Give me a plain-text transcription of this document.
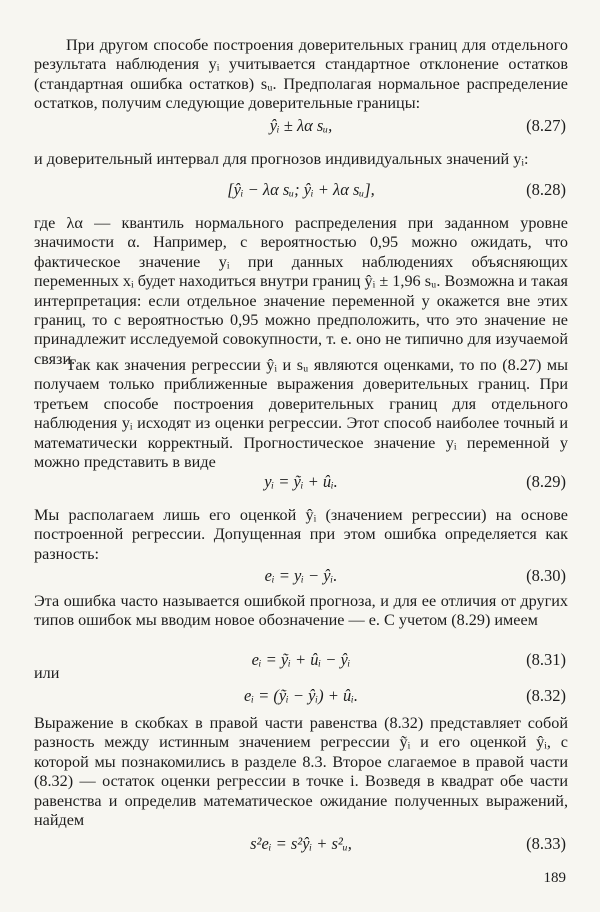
При другом способе построения доверительных границ для отдельного результата наблюдения yᵢ учитывается стандартное отклонение остатков (стандартная ошибка остатков) sᵤ. Предполагая нормальное распределение остатков, получим следующие доверительные границы:

ŷᵢ ± λα sᵤ,	(8.27)

и доверительный интервал для прогнозов индивидуальных значений yᵢ:

[ŷᵢ − λα sᵤ; ŷᵢ + λα sᵤ],	(8.28)

где λα — квантиль нормального распределения при заданном уровне значимости α. Например, с вероятностью 0,95 можно ожидать, что фактическое значение yᵢ при данных наблюдениях объясняющих переменных xᵢ будет находиться внутри границ ŷᵢ ± 1,96 sᵤ. Возможна и такая интерпретация: если отдельное значение переменной y окажется вне этих границ, то с вероятностью 0,95 можно предположить, что это значение не принадлежит исследуемой совокупности, т. е. оно не типично для изучаемой связи.

Так как значения регрессии ŷᵢ и sᵤ являются оценками, то по (8.27) мы получаем только приближенные выражения доверительных границ. При третьем способе построения доверительных границ для отдельного наблюдения yᵢ исходят из оценки регрессии. Этот способ наиболее точный и математически корректный. Прогностическое значение yᵢ переменной y можно представить в виде

yᵢ = ỹᵢ + ûᵢ.	(8.29)

Мы располагаем лишь его оценкой ŷᵢ (значением регрессии) на основе построенной регрессии. Допущенная при этом ошибка определяется как разность:

eᵢ = yᵢ − ŷᵢ.	(8.30)

Эта ошибка часто называется ошибкой прогноза, и для ее отличия от других типов ошибок мы вводим новое обозначение — e. С учетом (8.29) имеем

eᵢ = ỹᵢ + ûᵢ − ŷᵢ	(8.31)

или

eᵢ = (ỹᵢ − ŷᵢ) + ûᵢ.	(8.32)

Выражение в скобках в правой части равенства (8.32) представляет собой разность между истинным значением регрессии ỹᵢ и его оценкой ŷᵢ, с которой мы познакомились в разделе 8.3. Второе слагаемое в правой части (8.32) — остаток оценки регрессии в точке i. Возведя в квадрат обе части равенства и определив математическое ожидание полученных выражений, найдем

s²eᵢ = s²ŷᵢ + s²ᵤ,	(8.33)
189
